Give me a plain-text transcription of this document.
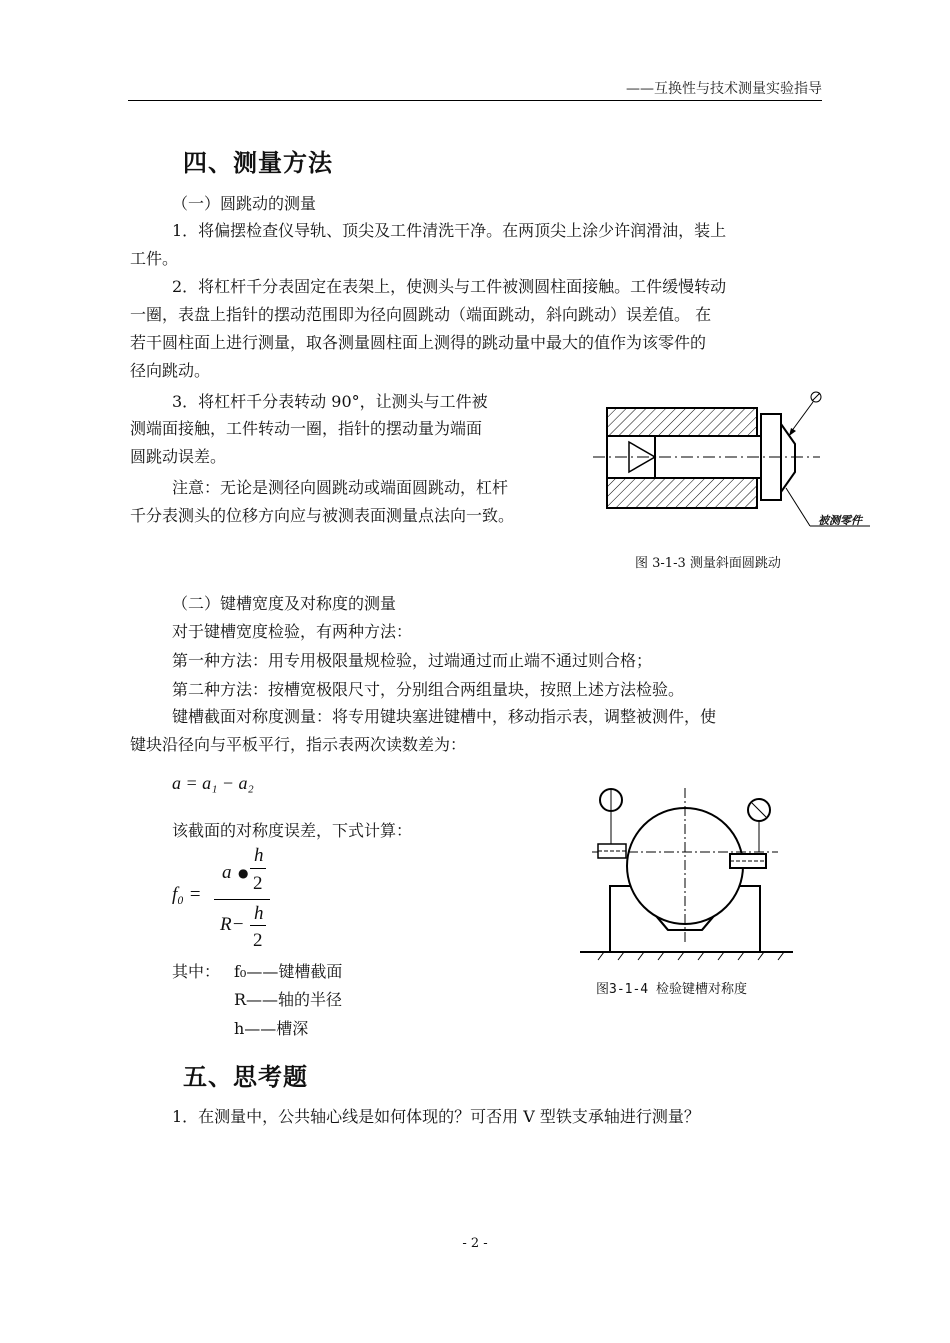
——互换性与技术测量实验指导
四、测量方法
（一）圆跳动的测量
1．将偏摆检查仪导轨、顶尖及工件清洗干净。在两顶尖上涂少许润滑油，装上
工件。
2．将杠杆千分表固定在表架上，使测头与工件被测圆柱面接触。工件缓慢转动
一圈，表盘上指针的摆动范围即为径向圆跳动（端面跳动，斜向跳动）误差值。 在
若干圆柱面上进行测量，取各测量圆柱面上测得的跳动量中最大的值作为该零件的
径向跳动。
3．将杠杆千分表转动 90°，让测头与工件被
测端面接触，工件转动一圈，指针的摆动量为端面
圆跳动误差。
注意：无论是测径向圆跳动或端面圆跳动，杠杆
千分表测头的位移方向应与被测表面测量点法向一致。	被测零件
图 3-1-3 测量斜面圆跳动
（二）键槽宽度及对称度的测量
对于键槽宽度检验，有两种方法：
第一种方法：用专用极限量规检验，过端通过而止端不通过则合格；
第二种方法：按槽宽极限尺寸，分别组合两组量块，按照上述方法检验。
键槽截面对称度测量：将专用键块塞进键槽中，移动指示表，调整被测件，使
键块沿径向与平板平行，指示表两次读数差为：
a = a₁ − a₂
该截面的对称度误差，下式计算：
f₀ =
a ●
h
2
R−
h
2
其中： f₀——键槽截面
R——轴的半径
h——槽深
图3-1-4 检验键槽对称度
五、思考题
1．在测量中，公共轴心线是如何体现的？可否用 V 型铁支承轴进行测量？
- 2 -
